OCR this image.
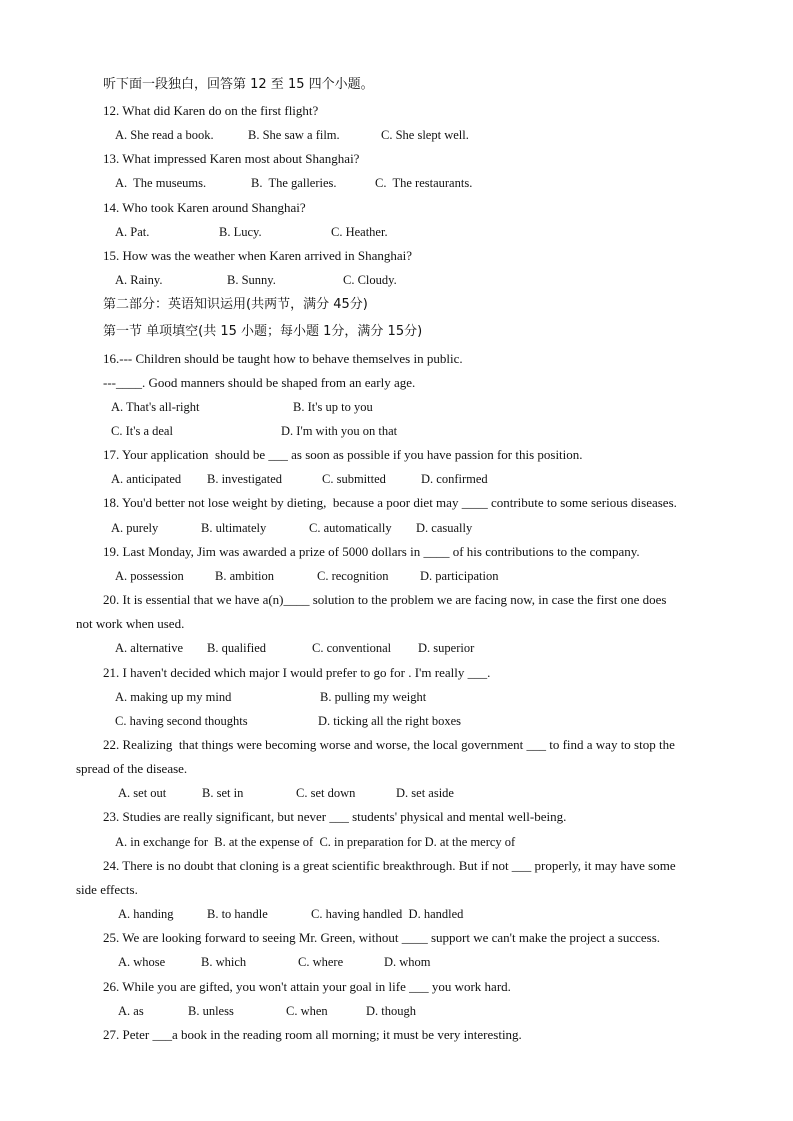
听下面一段独白，回答第 12 至 15 四个小题。
12. What did Karen do on the first flight?
A. She read a book.	B. She saw a film.	C. She slept well.
13. What impressed Karen most about Shanghai?
A.  The museums.	B.  The galleries.	C.  The restaurants.
14. Who took Karen around Shanghai?
A. Pat.	B. Lucy.	C. Heather.
15. How was the weather when Karen arrived in Shanghai?
A. Rainy.	B. Sunny.	C. Cloudy.
第二部分：英语知识运用(共两节，满分 45分)
第一节 单项填空(共 15 小题；每小题 1分，满分 15分)
16.--- Children should be taught how to behave themselves in public.
---____. Good manners should be shaped from an early age.
A. That's all-right	B. It's up to you
C. It's a deal	D. I'm with you on that
17. Your application  should be ___ as soon as possible if you have passion for this position.
A. anticipated B. investigated	C. submitted	D. confirmed
18. You'd better not lose weight by dieting,  because a poor diet may ____ contribute to some serious diseases.
A. purely	B. ultimately	C. automatically D. casually
19. Last Monday, Jim was awarded a prize of 5000 dollars in ____ of his contributions to the company.
A. possession B. ambition	C. recognition	D. participation
20. It is essential that we have a(n)____ solution to the problem we are facing now, in case the first one does
not work when used.
A. alternative B. qualified	C. conventional D. superior
21. I haven't decided which major I would prefer to go for . I'm really ___.
A. making up my mind	B. pulling my weight
C. having second thoughts	D. ticking all the right boxes
22. Realizing  that things were becoming worse and worse, the local government ___ to find a way to stop the
spread of the disease.
A. set out	B. set in	C. set down	D. set aside
23. Studies are really significant, but never ___ students' physical and mental well-being.
A. in exchange for  B. at the expense of  C. in preparation for D. at the mercy of
24. There is no doubt that cloning is a great scientific breakthrough. But if not ___ properly, it may have some
side effects.
A. handing	B. to handle	C. having handled  D. handled
25. We are looking forward to seeing Mr. Green, without ____ support we can't make the project a success.
A. whose	B. which	C. where	D. whom
26. While you are gifted, you won't attain your goal in life ___ you work hard.
A. as	B. unless	C. when	D. though
27. Peter ___a book in the reading room all morning; it must be very interesting.
